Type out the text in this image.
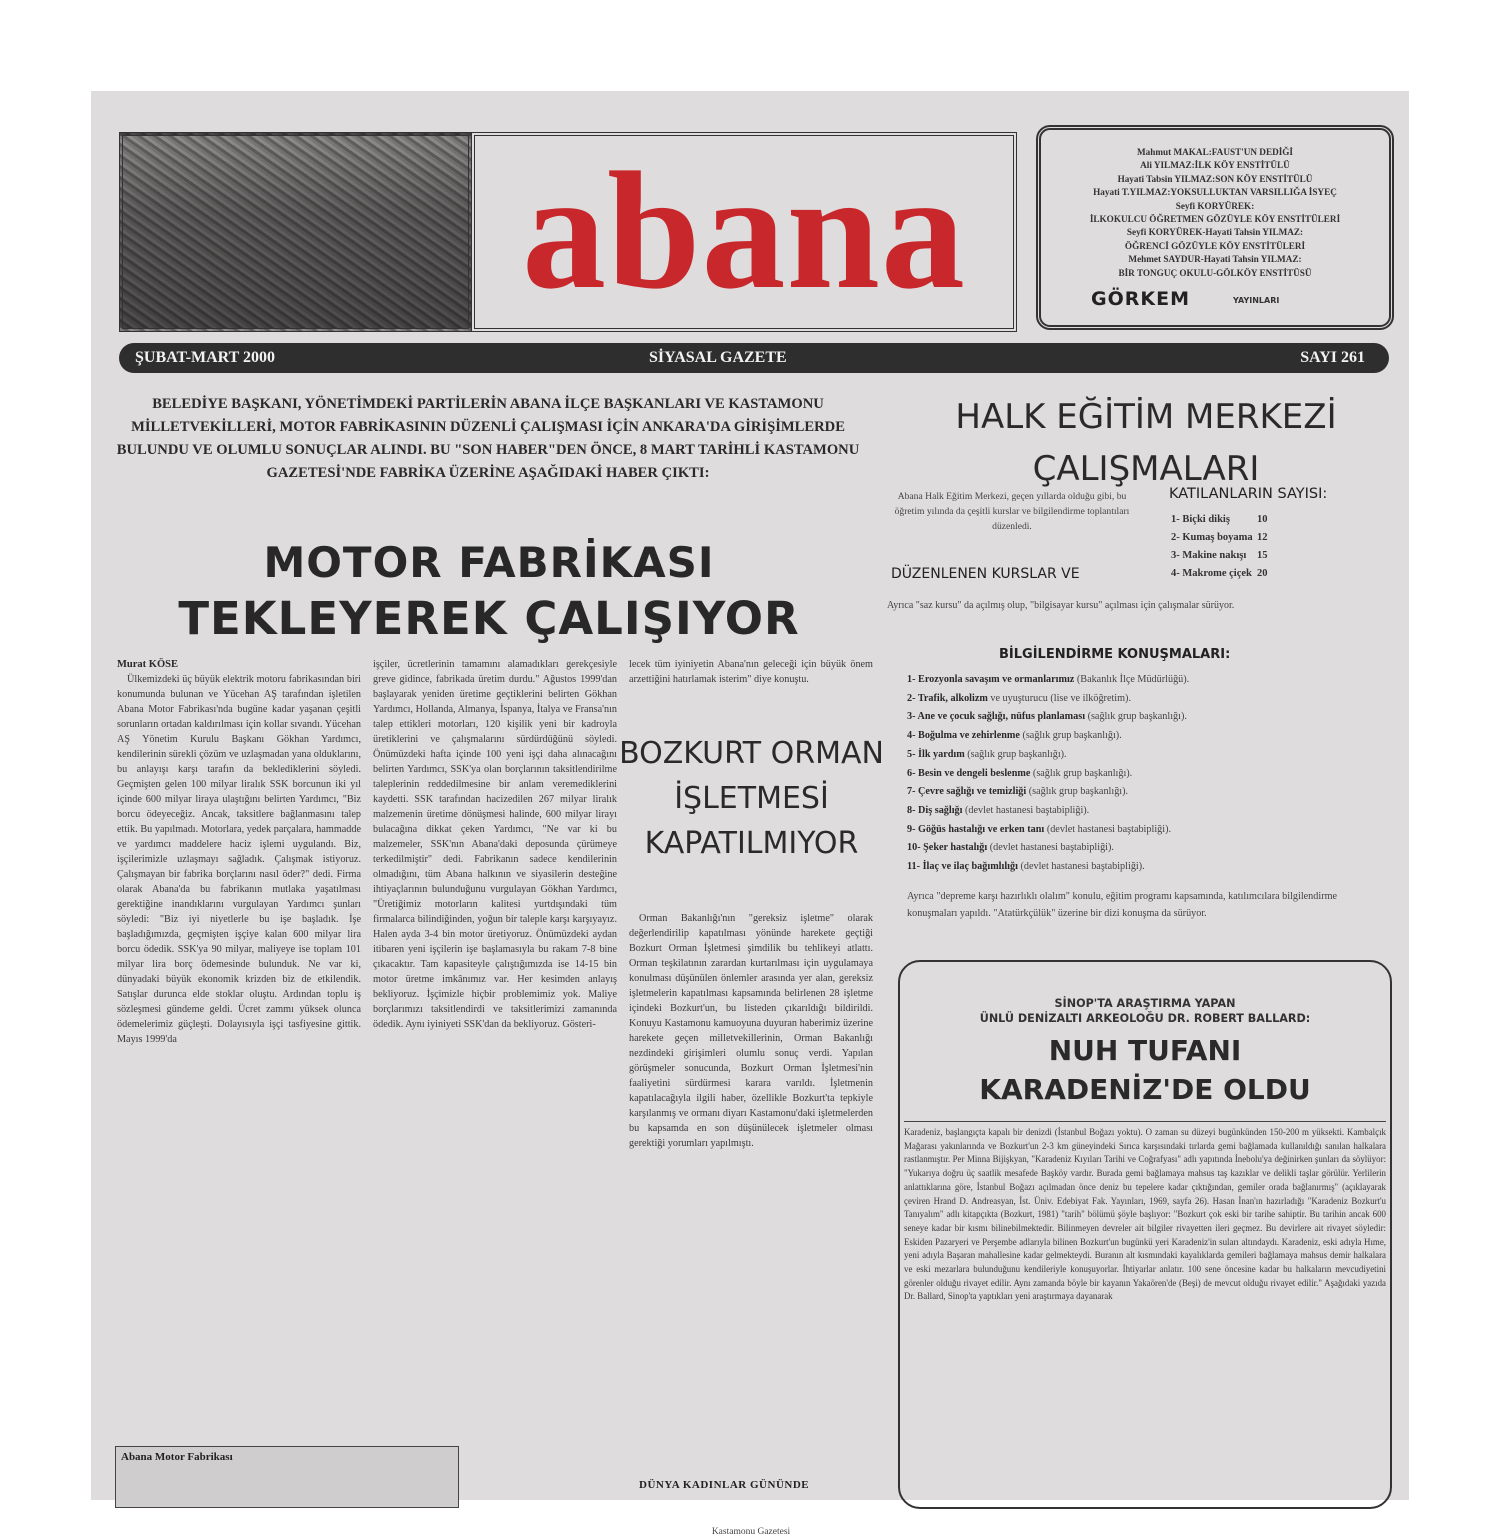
abana	Mahmut MAKAL:FAUST'UN DEDİĞİ
Ali YILMAZ:İLK KÖY ENSTİTÜLÜ
Hayati Tabsin YILMAZ:SON KÖY ENSTİTÜLÜ
Hayati T.YILMAZ:YOKSULLUKTAN VARSILLIĞA İSYEÇ
Seyfi KORYÜREK:
İLKOKULCU ÖĞRETMEN GÖZÜYLE KÖY ENSTİTÜLERİ
Seyfi KORYÜREK-Hayati Tahsin YILMAZ:
ÖĞRENCİ GÖZÜYLE KÖY ENSTİTÜLERİ
Mehmet SAYDUR-Hayati Tahsin YILMAZ:
BİR TONGUÇ OKULU-GÖLKÖY ENSTİTÜSÜ
GÖRKEM	YAYINLARI
ŞUBAT-MART 2000	SİYASAL GAZETE	SAYI 261
BELEDİYE BAŞKANI, YÖNETİMDEKİ PARTİLERİN ABANA İLÇE BAŞKANLARI VE KASTAMONU MİLLETVEKİLLERİ, MOTOR FABRİKASININ DÜZENLİ ÇALIŞMASI İÇİN ANKARA'DA GİRİŞİMLERDE BULUNDU VE OLUMLU SONUÇLAR ALINDI. BU "SON HABER"DEN ÖNCE, 8 MART TARİHLİ KASTAMONU GAZETESİ'NDE FABRİKA ÜZERİNE AŞAĞIDAKİ HABER ÇIKTI:
MOTOR FABRİKASI
TEKLEYEREK ÇALIŞIYOR
Murat KÖSE
Ülkemizdeki üç büyük elektrik motoru fabrikasından biri konumunda bulunan ve Yücehan AŞ tarafından işletilen Abana Motor Fabrikası'nda bugüne kadar yaşanan çeşitli sorunların ortadan kaldırılması için kollar sıvandı. Yücehan AŞ Yönetim Kurulu Başkanı Gökhan Yardımcı, kendilerinin sürekli çözüm ve uzlaşmadan yana olduklarını, bu anlayışı karşı tarafın da beklediklerini söyledi. Geçmişten gelen 100 milyar liralık SSK borcunun iki yıl içinde 600 milyar liraya ulaştığını belirten Yardımcı, "Biz borcu ödeyeceğiz. Ancak, taksitlere bağlanmasını talep ettik. Bu yapılmadı. Motorlara, yedek parçalara, hammadde ve yardımcı maddelere haciz işlemi uygulandı. Biz, işçilerimizle uzlaşmayı sağladık. Çalışmak istiyoruz. Çalışmayan bir fabrika borçlarını nasıl öder?" dedi. Firma olarak Abana'da bu fabrikanın mutlaka yaşatılması gerektiğine inandıklarını vurgulayan Yardımcı şunları söyledi: "Biz iyi niyetlerle bu işe başladık. İşe başladığımızda, geçmişten işçiye kalan 600 milyar lira borcu ödedik. SSK'ya 90 milyar, maliyeye ise toplam 101 milyar lira borç ödemesinde bulunduk. Ne var ki, dünyadaki büyük ekonomik krizden biz de etkilendik. Satışlar durunca elde stoklar oluştu. Ardından toplu iş sözleşmesi gündeme geldi. Ücret zammı yüksek olunca ödemelerimiz güçleşti. Dolayısıyla işçi tasfiyesine gittik. Mayıs 1999'da
işçiler, ücretlerinin tamamını alamadıkları gerekçesiyle greve gidince, fabrikada üretim durdu." Ağustos 1999'dan başlayarak yeniden üretime geçtiklerini belirten Gökhan Yardımcı, Hollanda, Almanya, İspanya, İtalya ve Fransa'nın talep ettikleri motorları, 120 kişilik yeni bir kadroyla üretiklerini ve çalışmalarını sürdürdüğünü söyledi. Önümüzdeki hafta içinde 100 yeni işçi daha alınacağını belirten Yardımcı, SSK'ya olan borçlarının taksitlendirilme taleplerinin reddedilmesine bir anlam veremediklerini kaydetti. SSK tarafından hacizedilen 267 milyar liralık malzemenin üretime dönüşmesi halinde, 600 milyar lirayı bulacağına dikkat çeken Yardımcı, "Ne var ki bu malzemeler, SSK'nın Abana'daki deposunda çürümeye terkedilmiştir" dedi. Fabrikanın sadece kendilerinin olmadığını, tüm Abana halkının ve siyasilerin desteğine ihtiyaçlarının bulunduğunu vurgulayan Gökhan Yardımcı, "Üretiğimiz motorların kalitesi yurtdışındaki tüm firmalarca bilindiğinden, yoğun bir taleple karşı karşıyayız. Halen ayda 3-4 bin motor üretiyoruz. Önümüzdeki aydan itibaren yeni işçilerin işe başlamasıyla bu rakam 7-8 bine çıkacaktır. Tam kapasiteyle çalıştığımızda ise 14-15 bin motor üretme imkânımız var. Her kesimden anlayış bekliyoruz. İşçimizle hiçbir problemimiz yok. Maliye borçlarımızı taksitlendirdi ve taksitlerimizi zamanında ödedik. Aynı iyiniyeti SSK'dan da bekliyoruz. Gösteri-
lecek tüm iyiniyetin Abana'nın geleceği için büyük önem arzettiğini hatırlamak isterim" diye konuştu.
BOZKURT ORMAN İŞLETMESİ KAPATILMIYOR
Orman Bakanlığı'nın "gereksiz işletme" olarak değerlendirilip kapatılması yönünde harekete geçtiği Bozkurt Orman İşletmesi şimdilik bu tehlikeyi atlattı. Orman teşkilatının zarardan kurtarılması için uygulamaya konulması düşünülen önlemler arasında yer alan, gereksiz işletmelerin kapatılması kapsamında belirlenen 28 işletme içindeki Bozkurt'un, bu listeden çıkarıldığı bildirildi. Konuyu Kastamonu kamuoyuna duyuran haberimiz üzerine harekete geçen milletvekillerinin, Orman Bakanlığı nezdindeki girişimleri olumlu sonuç verdi. Yapılan görüşmeler sonucunda, Bozkurt Orman İşletmesi'nin faaliyetini sürdürmesi karara varıldı. İşletmenin kapatılacağıyla ilgili haber, özellikle Bozkurt'ta tepkiyle karşılanmış ve ormanı diyarı Kastamonu'daki işletmelerden bu kapsamda en son düşünülecek işletmeler olması gerektiği yorumları yapılmıştı.
Kastamonu Gazetesi
Abana Motor Fabrikası
DÜNYA KADINLAR GÜNÜNDE
HALK EĞİTİM MERKEZİ ÇALIŞMALARI
Abana Halk Eğitim Merkezi, geçen yıllarda olduğu gibi, bu öğretim yılında da çeşitli kurslar ve bilgilendirme toplantıları düzenledi.
DÜZENLENEN KURSLAR VE
KATILANLARIN SAYISI:
1- Biçki dikiş	10
2- Kumaş boyama 12
3- Makine nakışı 15
4- Makrome çiçek 20
Ayrıca "saz kursu" da açılmış olup, "bilgisayar kursu" açılması için çalışmalar sürüyor.
BİLGİLENDİRME KONUŞMALARI:
1- Erozyonla savaşım ve ormanlarımız (Bakanlık İlçe Müdürlüğü).
2- Trafik, alkolizm ve uyuşturucu (lise ve ilköğretim).
3- Ane ve çocuk sağlığı, nüfus planlaması (sağlık grup başkanlığı).
4- Boğulma ve zehirlenme (sağlık grup başkanlığı).
5- İlk yardım (sağlık grup başkanlığı).
6- Besin ve dengeli beslenme (sağlık grup başkanlığı).
7- Çevre sağlığı ve temizliği (sağlık grup başkanlığı).
8- Diş sağlığı (devlet hastanesi baştabipliği).
9- Göğüs hastalığı ve erken tanı (devlet hastanesi baştabipliği).
10- Şeker hastalığı (devlet hastanesi baştabipliği).
11- İlaç ve ilaç bağımlılığı (devlet hastanesi baştabipliği).
Ayrıca "depreme karşı hazırlıklı olalım" konulu, eğitim programı kapsamında, katılımcılara bilgilendirme konuşmaları yapıldı. "Atatürkçülük" üzerine bir dizi konuşma da sürüyor.
SİNOP'TA ARAŞTIRMA YAPAN
ÜNLÜ DENİZALTI ARKEOLOĞU DR. ROBERT BALLARD:
NUH TUFANI
KARADENİZ'DE OLDU
Karadeniz, başlangıçta kapalı bir denizdi (İstanbul Boğazı yoktu). O zaman su düzeyi bugünkünden 150-200 m yüksekti. Kambalçık Mağarası yakınlarında ve Bozkurt'un 2-3 km güneyindeki Sırıca karşısındaki tırlarda gemi bağlamada kullanıldığı sanılan halkalara rastlanmıştır. Per Minna Bijişkyan, "Karadeniz Kıyıları Tarihi ve Coğrafyası" adlı yapıtında İnebolu'ya değinirken şunları da söylüyor: "Yukarıya doğru üç saatlik mesafede Başköy vardır. Burada gemi bağlamaya mahsus taş kazıklar ve delikli taşlar görülür. Yerlilerin anlattıklarına göre, İstanbul Boğazı açılmadan önce deniz bu tepelere kadar çıktığından, gemiler orada bağlanırmış" (açıklayarak çeviren Hrand D. Andreasyan, İst. Üniv. Edebiyat Fak. Yayınları, 1969, sayfa 26). Hasan İnan'ın hazırladığı "Karadeniz Bozkurt'u Tanıyalım" adlı kitapçıkta (Bozkurt, 1981) "tarih" bölümü şöyle başlıyor: "Bozkurt çok eski bir tarihe sahiptir. Bu tarihin ancak 600 seneye kadar bir kısmı bilinebilmektedir. Bilinmeyen devreler ait bilgiler rivayetten ileri geçmez. Bu devirlere ait rivayet söyledir: Eskiden Pazaryeri ve Perşembe adlarıyla bilinen Bozkurt'un bugünkü yeri Karadeniz'in suları altındaydı. Karadeniz, eski adıyla Hıme, yeni adıyla Başaran mahallesine kadar gelmekteydi. Buranın alt kısmındaki kayalıklarda gemileri bağlamaya mahsus demir halkalara ve eski mezarlara bulunduğunu kendileriyle konuşuyorlar. İhtiyarlar anlatır. 100 sene öncesine kadar bu halkaların mevcudiyetini görenler olduğu rivayet edilir. Aynı zamanda böyle bir kayanın Yakaören'de (Beşi) de mevcut olduğu rivayet edilir." Aşağıdaki yazıda Dr. Ballard, Sinop'ta yaptıkları yeni araştırmaya dayanarak
